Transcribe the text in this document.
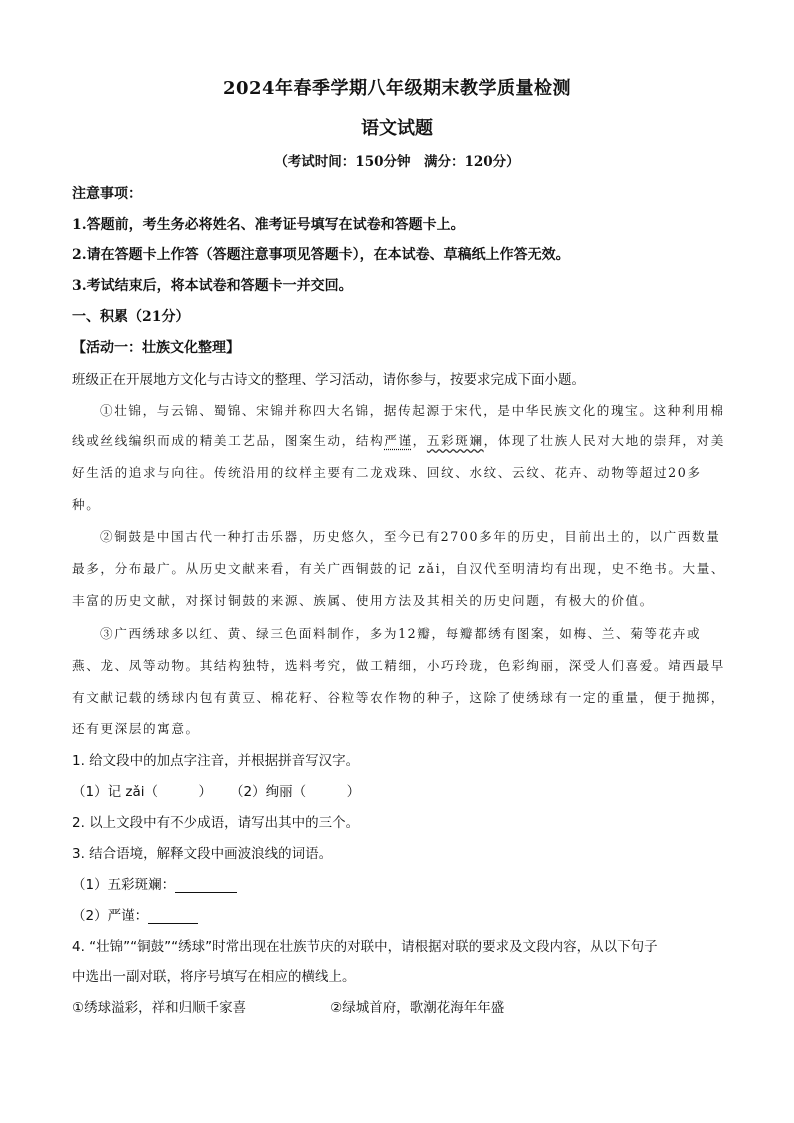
2024年春季学期八年级期末教学质量检测
语文试题
（考试时间：150分钟　满分：120分）
注意事项：
1.答题前，考生务必将姓名、准考证号填写在试卷和答题卡上。
2.请在答题卡上作答（答题注意事项见答题卡），在本试卷、草稿纸上作答无效。
3.考试结束后，将本试卷和答题卡一并交回。
一、积累（21分）
【活动一：壮族文化整理】
班级正在开展地方文化与古诗文的整理、学习活动，请你参与，按要求完成下面小题。
①壮锦，与云锦、蜀锦、宋锦并称四大名锦，据传起源于宋代，是中华民族文化的瑰宝。这种利用棉
线或丝线编织而成的精美工艺品，图案生动，结构严谨，五彩斑斓，体现了壮族人民对大地的崇拜，对美
好生活的追求与向往。传统沿用的纹样主要有二龙戏珠、回纹、水纹、云纹、花卉、动物等超过20多
种。
②铜鼓是中国古代一种打击乐器，历史悠久，至今已有2700多年的历史，目前出土的，以广西数量
最多，分布最广。从历史文献来看，有关广西铜鼓的记 zǎi，自汉代至明清均有出现，史不绝书。大量、
丰富的历史文献，对探讨铜鼓的来源、族属、使用方法及其相关的历史问题，有极大的价值。
③广西绣球多以红、黄、绿三色面料制作，多为12瓣，每瓣都绣有图案，如梅、兰、菊等花卉或
燕、龙、凤等动物。其结构独特，选料考究，做工精细，小巧玲珑，色彩绚丽，深受人们喜爱。靖西最早
有文献记载的绣球内包有黄豆、棉花籽、谷粒等农作物的种子，这除了使绣球有一定的重量，便于抛掷，
还有更深层的寓意。
1. 给文段中的加点字注音，并根据拼音写汉字。
（1）记 zǎi（　　　） （2）绚丽（　　　）
2. 以上文段中有不少成语，请写出其中的三个。
3. 结合语境，解释文段中画波浪线的词语。
（1）五彩斑斓：
（2）严谨：
4. “壮锦”“铜鼓”“绣球”时常出现在壮族节庆的对联中，请根据对联的要求及文段内容，从以下句子
中选出一副对联，将序号填写在相应的横线上。
①绣球溢彩，祥和归顺千家喜	②绿城首府，歌潮花海年年盛
